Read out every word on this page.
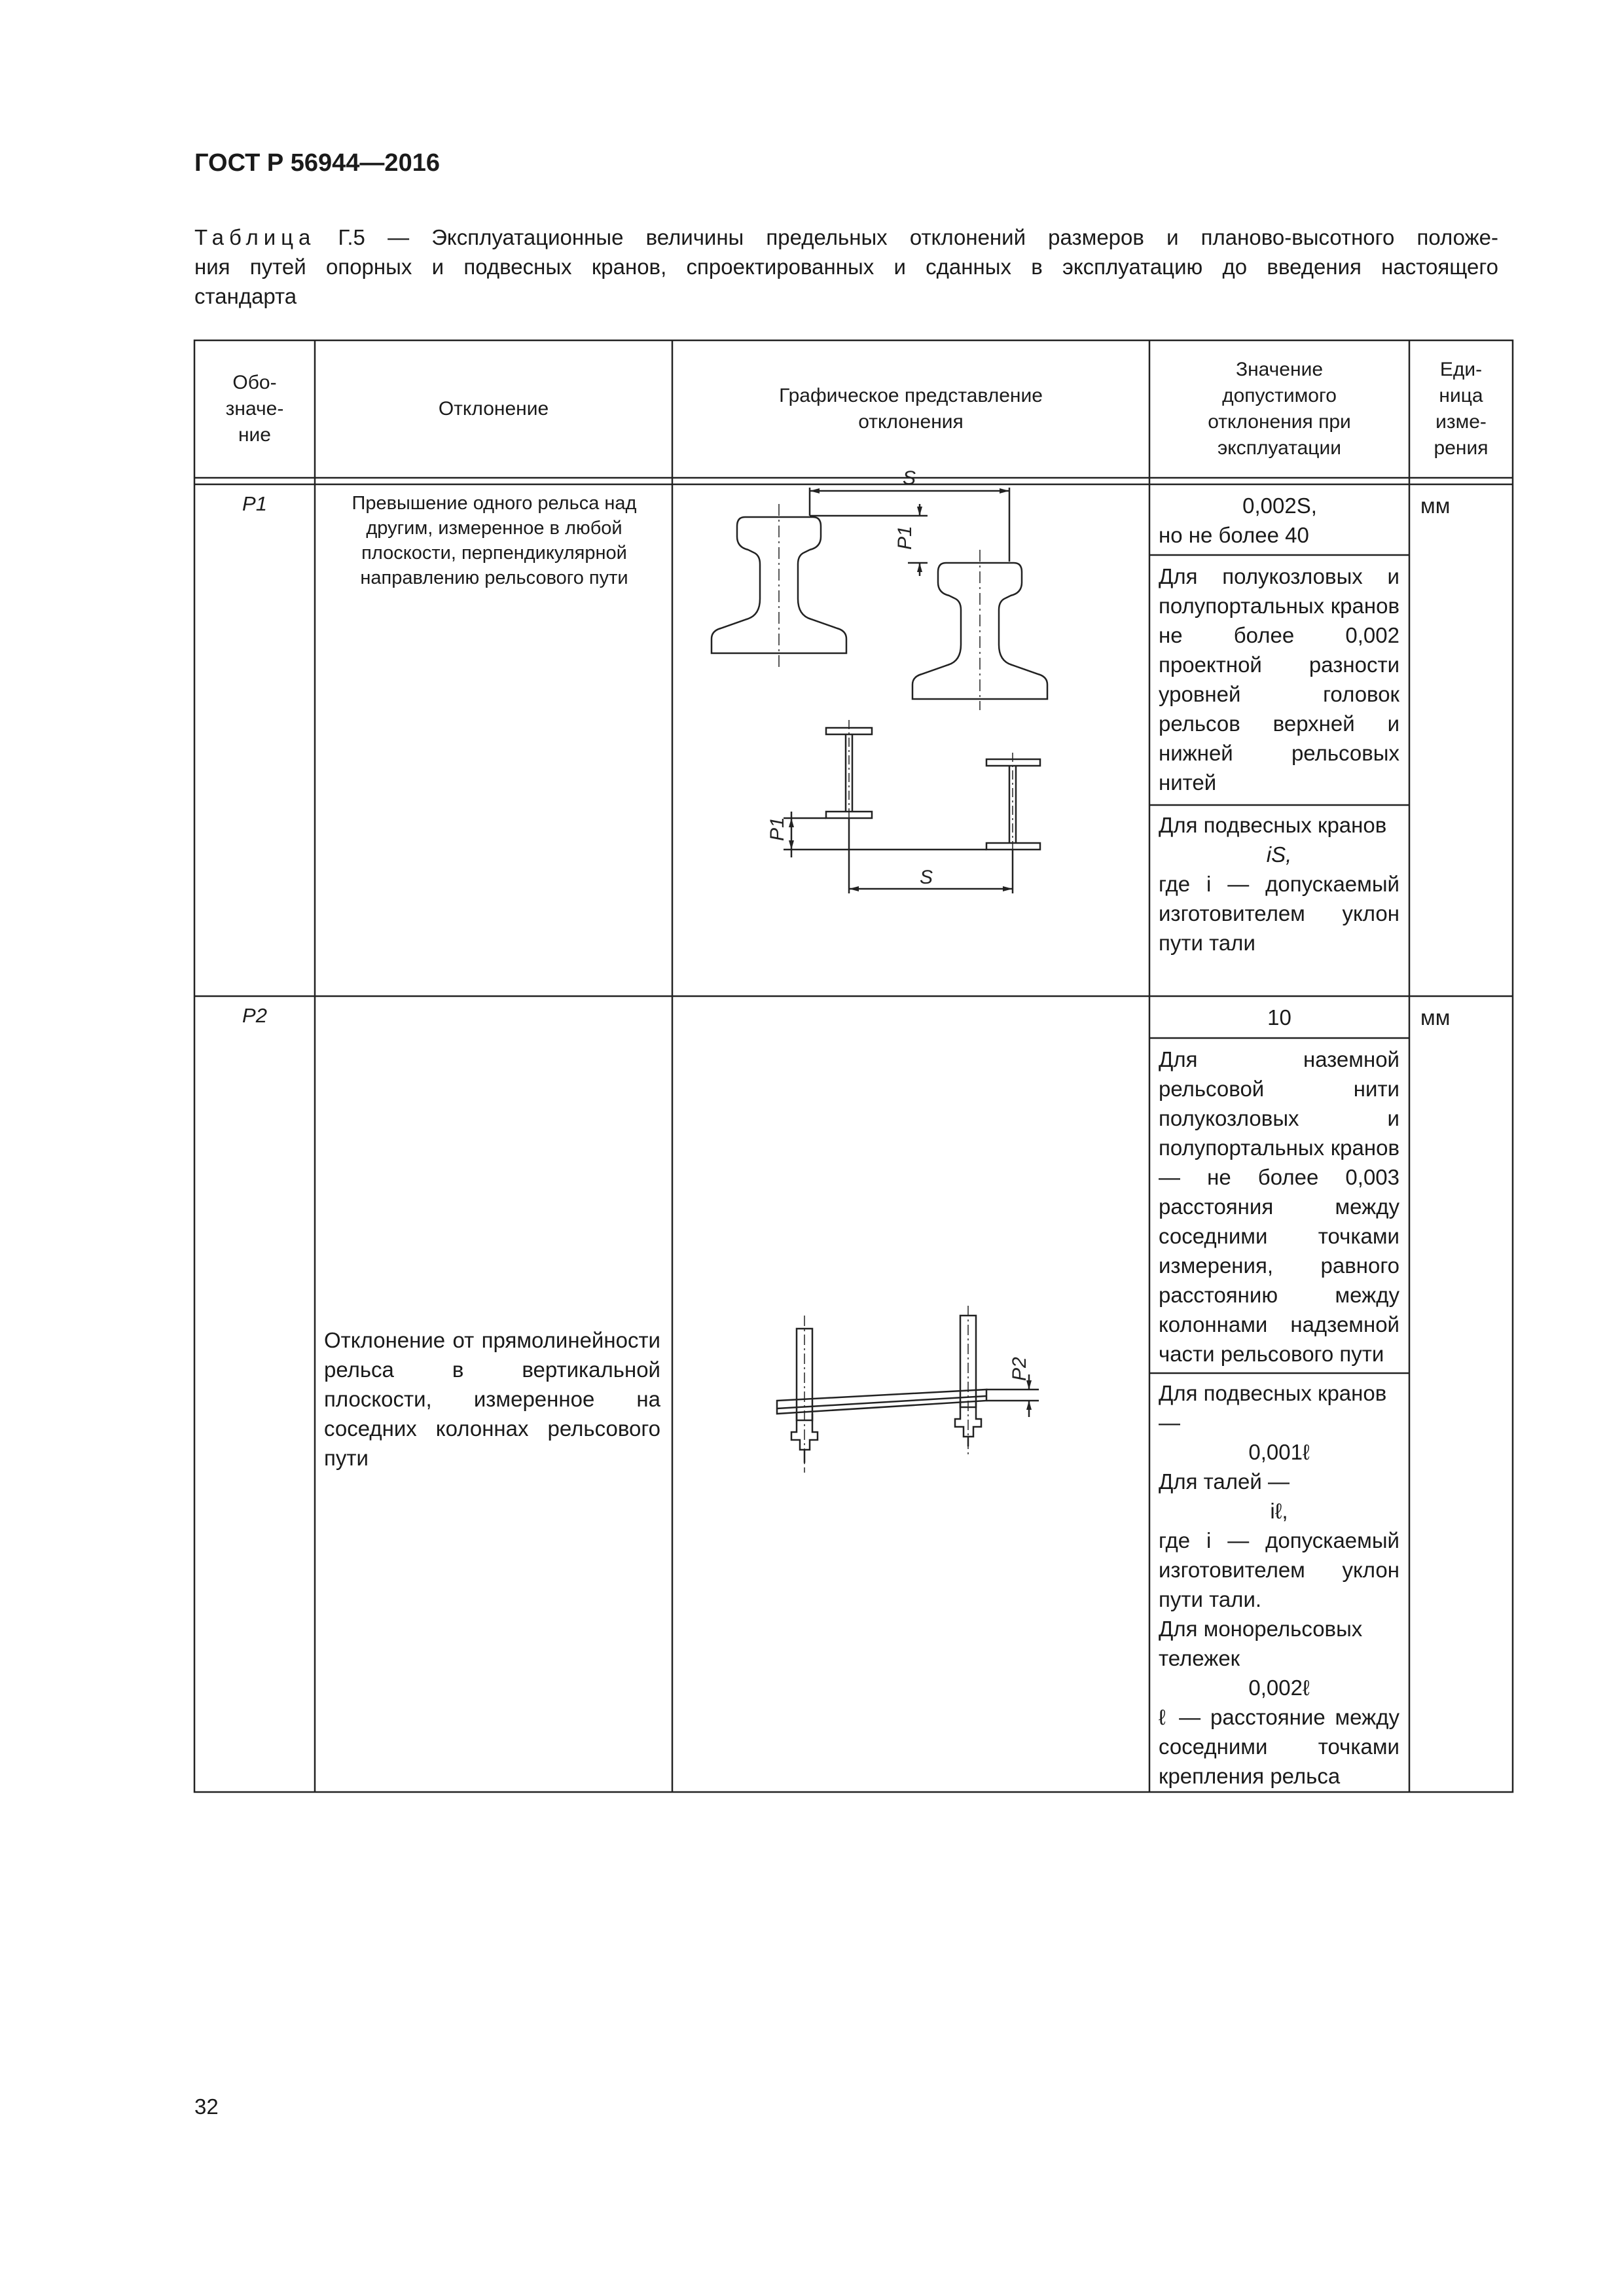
ГОСТ Р 56944—2016
Таблица Г.5 — Эксплуатационные величины предельных отклонений размеров и планово-высотного положе-
ния путей опорных и подвесных кранов, спроектированных и сданных в эксплуатацию до введения настоящего
стандарта
Обо-значе-ние
Отклонение
Графическое представление отклонения
Значение допустимого отклонения при эксплуатации
Еди-ница изме-рения
P1	Превышение одного рельса над другим, измеренное в любой плоскости, перпендикулярной направлению рельсового пути
мм
0,002S,
но не более 40
Для полукозловых и полупортальных кранов не более 0,002 проектной разности уровней головок рельсов верхней и нижней рельсовых нитей
Для подвесных кранов
iS,
где i — допускаемый изготовителем уклон пути тали
S
P1
P1
S
P2
Отклонение от прямолинейности рельса в вертикальной плоскости, измеренное на соседних колоннах рельсового пути
мм
10
Для наземной рельсовой нити полукозловых и полупортальных кранов — не более 0,003 расстояния между соседними точками измерения, равного расстоянию между колоннами надземной части рельсового пути
Для подвесных кранов —
0,001ℓ
Для талей —
iℓ,
где i — допускаемый изготовителем уклон пути тали.
Для монорельсовых тележек
0,002ℓ
ℓ — расстояние между соседними точками крепления рельса
P2
32
